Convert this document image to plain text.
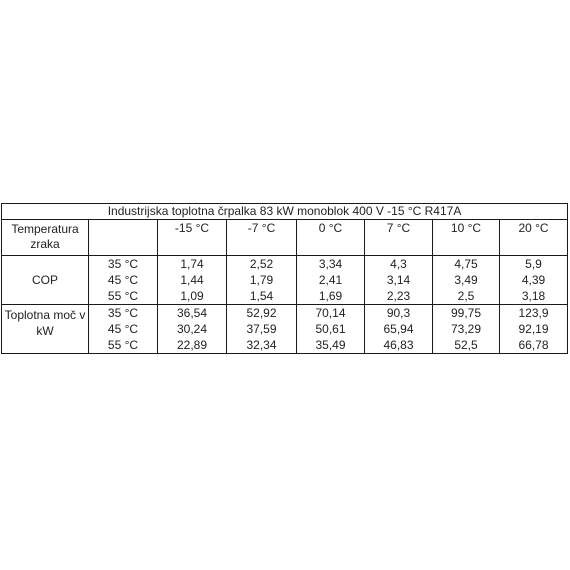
Industrijska toplotna črpalka 83 kW monoblok 400 V -15 °C R417A							
Temperatura zraka		-15 °C	-7 °C	0 °C	7 °C	10 °C	20 °C
COP	35 °C	1,74	2,52	3,34	4,3	4,75	5,9
	45 °C	1,44	1,79	2,41	3,14	3,49	4,39
	55 °C	1,09	1,54	1,69	2,23	2,5	3,18
Toplotna moč v kW	35 °C	36,54	52,92	70,14	90,3	99,75	123,9
	45 °C	30,24	37,59	50,61	65,94	73,29	92,19
	55 °C	22,89	32,34	35,49	46,83	52,5	66,78
